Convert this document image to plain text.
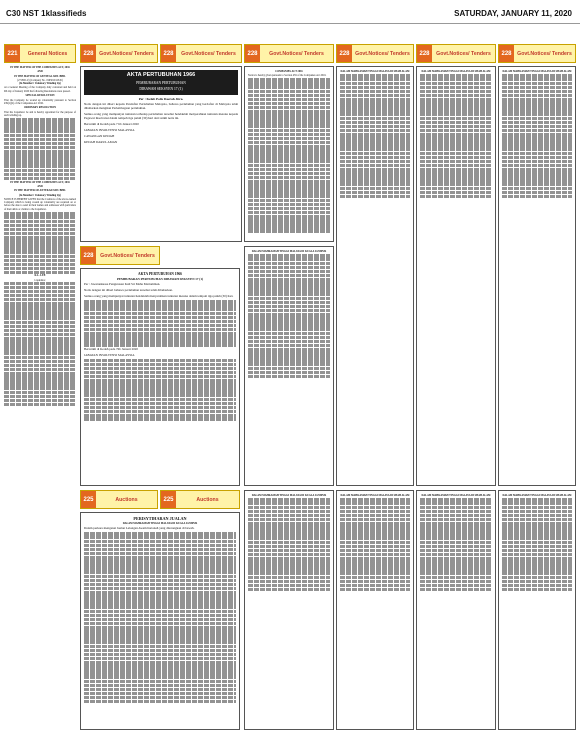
C30 NST 1klassifieds	SATURDAY, JANUARY 11, 2020
221	General Notices	228	Govt.Notices/ Tenders	228	Govt.Notices/ Tenders	228	Govt.Notices/ Tenders	228	Govt.Notices/ Tenders	228	Govt.Notices/ Tenders	228	Govt.Notices/ Tenders
228	Govt.Notices/ Tenders
225	Auctions	225	Auctions
IN THE MATTER OF THE COMPANIES ACT, 2016
AND
IN THE MATTER OF GENTEAL SDN. BHD.
(271895-U) (Company No. 199301012345)
(In Members' Voluntary Winding Up)

At a General Meeting of the Company duly convened and held on 9th day of January 2020 the following Resolutions were passed.

SPECIAL RESOLUTION

That the Company be wound up voluntarily pursuant to Section 439(1)(b) of the Companies Act 2016.

ORDINARY RESOLUTION

That the Liquidator be and is hereby appointed for the purpose of such winding up.

IN THE MATTER OF THE COMPANIES ACT, 2016
AND
IN THE MATTER OF ANTEKAD SDN. BHD.
(In Members' Voluntary Winding Up)

NOTICE IS HEREBY GIVEN that the Creditors of the above-named Company which is being wound up voluntarily are required on or before the date to send in their names and addresses with particulars of their debts or claims to the Liquidator.

K.L. LEE
Liquidator
AKTA PERTUBUHAN 1966
PEMBUBARAN PERTUBUHAN
DIBAWAH SEKSYEN 17 (1)
Per : Kelab Polis Daerah Jitra.
Notis dengan ini diberi kepada Pendaftar Pertubuhan Malaysia, bahawa pertubuhan yang berdaftar di Malaysia telah dibubarkan mengikut Perlembagaan pertubuhan.
Semua orang yang mempunyai tuntutan terhadap pertubuhan tersebut hendaklah menyerahkan tuntutan mereka kepada Pegawai Insolvensi dalam tempoh tiga puluh (30) hari dari tarikh notis ini.
Bertarikh di Kedah pada 7 hb Januari 2020
JABATAN INSOLVENSI MALAYSIA
CAWANGAN KEDAH
KEDAH DARUL AMAN
AKTA PERTUBUHAN 1966
PEMBUBARAN PERTUBUHAN DIBAWAH SEKSYEN 17 (1)
Per : Jawatankuasa Pengurusan Kuil Sri Maha Mariamman.
Notis dengan ini diberi bahawa pertubuhan tersebut telah dibubarkan.
Semua orang yang mempunyai tuntutan hendaklah menyerahkan tuntutan mereka dalam tempoh tiga puluh (30) hari.
Bertarikh di Kedah pada 7hb Januari 2020
JABATAN INSOLVENSI MALAYSIA
PERISYTIHARAN JUALAN
DALAM MAHKAMAH TINGGI MALAYA DI KUALA LUMPUR
Dalam perkara mengenai Jualan Lelongan Awam hartanah yang diterangkan di bawah.
COMPANIES ACT 2016
Notice is hereby given pursuant to Section 459 of the Companies Act 2016.
DALAM MAHKAMAH TINGGI MALAYA DI KUALA LUMPUR
DALAM MAHKAMAH TINGGI MALAYA DI SHAH ALAM	DALAM MAHKAMAH TINGGI MALAYA DI SHAH ALAM	DALAM MAHKAMAH TINGGI MALAYA DI SHAH ALAM
DALAM MAHKAMAH TINGGI MALAYA DI KUALA LUMPUR	DALAM MAHKAMAH TINGGI MALAYA DI SHAH ALAM	DALAM MAHKAMAH TINGGI MALAYA DI SHAH ALAM	DALAM MAHKAMAH TINGGI MALAYA DI SHAH ALAM
